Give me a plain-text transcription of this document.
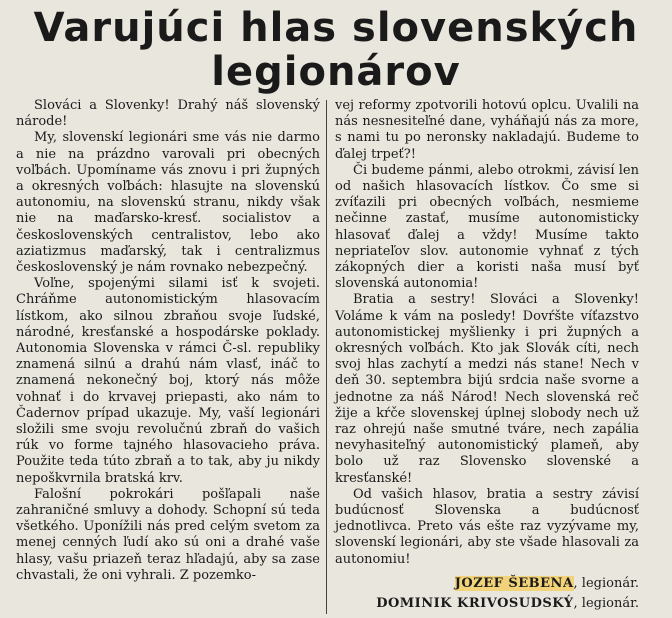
Varujúci hlas slovenských
legionárov

Slováci a Slovenky! Drahý náš slovenský národe!

My, slovenskí legionári sme vás nie darmo a nie na prázdno varovali pri obecných voľbách. Upomíname vás znovu i pri župných a okresných voľbách: hlasujte na slovenskú autonomiu, na slovenskú stranu, nikdy však nie na maďarsko-kresť. socialistov a československých centralistov, lebo ako aziatizmus maďarský, tak i centralizmus československý je nám rovnako nebezpečný.

Voľne, spojenými silami isť k svojeti. Chráňme autonomistickým hlasovacím lístkom, ako silnou zbraňou svoje ľudské, národné, kresťanské a hospodárske poklady. Autonomia Slovenska v rámci Č-sl. republiky znamená silnú a drahú nám vlasť, ináč to znamená nekonečný boj, ktorý nás môže vohnať i do krvavej priepasti, ako nám to Čadernov prípad ukazuje. My, vaší legionári složili sme svoju revolučnú zbraň do vašich rúk vo forme tajného hlasovacieho práva. Použite teda túto zbraň a to tak, aby ju nikdy nepoškvrnila bratská krv.

Falošní pokrokári pošľapali naše zahraničné smluvy a dohody. Schopní sú teda všetkého. Uponížili nás pred celým svetom za menej cenných ľudí ako sú oni a drahé vaše hlasy, vašu priazeň teraz hľadajú, aby sa zase chvastali, že oni vyhrali. Z pozemko-

vej reformy zpotvorili hotovú oplcu. Uvalili na nás nesnesiteľné dane, vyháňajú nás za more, s nami tu po neronsky nakladajú. Budeme to ďalej trpeť?!

Či budeme pánmi, alebo otrokmi, závisí len od našich hlasovacích lístkov. Čo sme si zvíťazili pri obecných voľbách, nesmieme nečinne zastať, musíme autonomisticky hlasovať ďalej a vždy! Musíme takto nepriateľov slov. autonomie vyhnať z tých zákopných dier a koristi naša musí byť slovenská autonomia!

Bratia a sestry! Slováci a Slovenky! Voláme k vám na posledy! Dovŕšte víťazstvo autonomistickej myšlienky i pri župných a okresných voľbách. Kto jak Slovák cíti, nech svoj hlas zachytí a medzi nás stane! Nech v deň 30. septembra bijú srdcia naše svorne a jednotne za náš Národ! Nech slovenská reč žije a kŕče slovenskej úplnej slobody nech už raz ohrejú naše smutné tváre, nech zapália nevyhasiteľný autonomistický plameň, aby bolo už raz Slovensko slovenské a kresťanské!

Od vašich hlasov, bratia a sestry závisí budúcnosť Slovenska a budúcnosť jednotlivca. Preto vás ešte raz vyzývame my, slovenskí legionári, aby ste všade hlasovali za autonomiu!

JOZEF ŠEBENA, legionár.
DOMINIK KRIVOSUDSKÝ, legionár.
